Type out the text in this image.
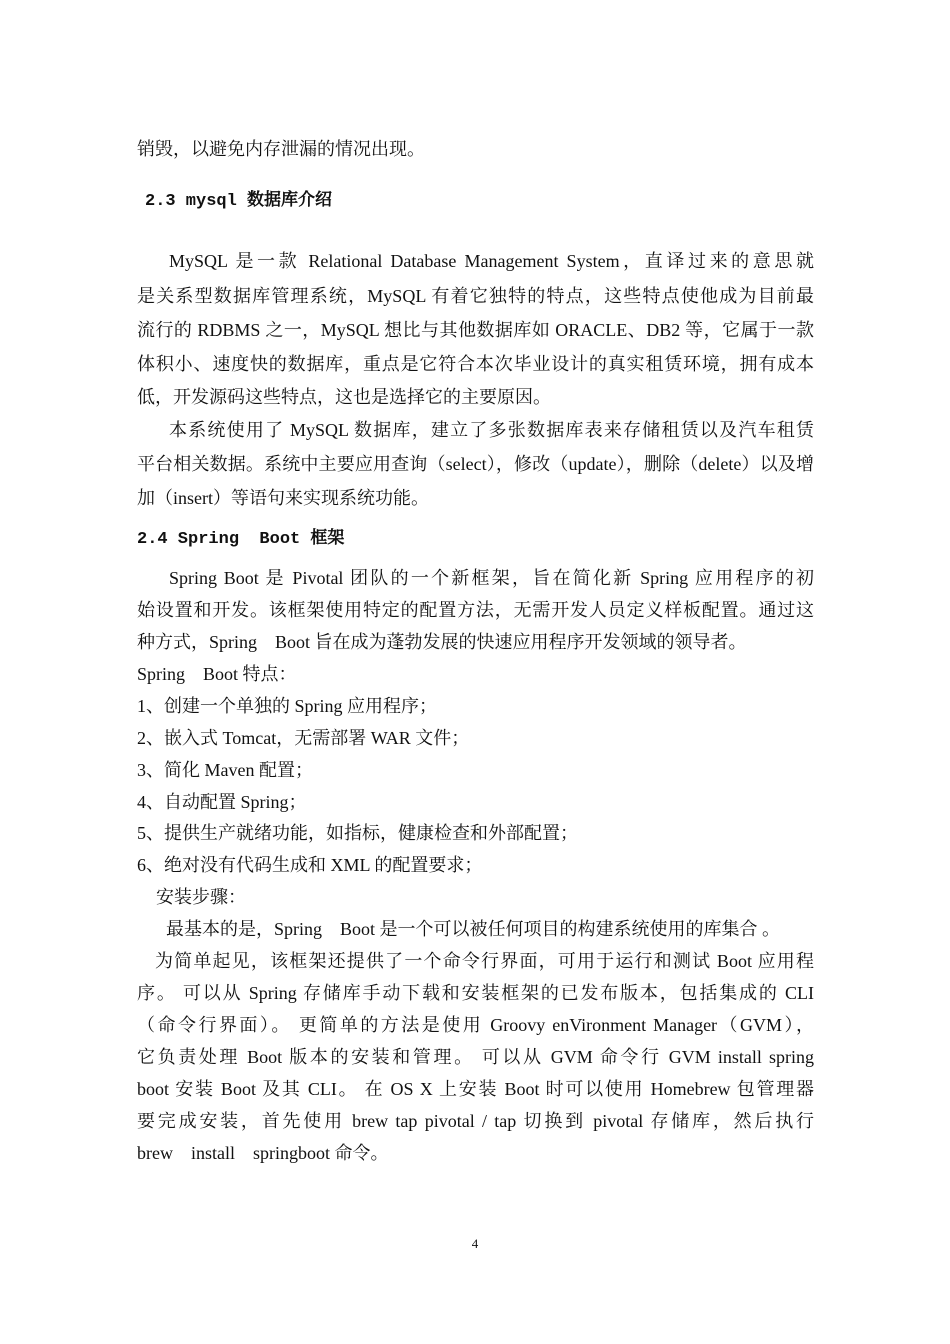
销毁，以避免内存泄漏的情况出现。
2.3 mysql 数据库介绍
MySQL 是一款 Relational Database Management System，直译过来的意思就
是关系型数据库管理系统，MySQL 有着它独特的特点，这些特点使他成为目前最
流行的 RDBMS 之一，MySQL 想比与其他数据库如 ORACLE、DB2 等，它属于一款
体积小、速度快的数据库，重点是它符合本次毕业设计的真实租赁环境，拥有成本
低，开发源码这些特点，这也是选择它的主要原因。
本系统使用了 MySQL 数据库，建立了多张数据库表来存储租赁以及汽车租赁
平台相关数据。系统中主要应用查询（select），修改（update），删除（delete）以及增
加（insert）等语句来实现系统功能。
2.4 Spring  Boot 框架
Spring Boot 是 Pivotal 团队的一个新框架，旨在简化新 Spring 应用程序的初
始设置和开发。该框架使用特定的配置方法，无需开发人员定义样板配置。通过这
种方式，Spring    Boot 旨在成为蓬勃发展的快速应用程序开发领域的领导者。
Spring    Boot 特点：
1、创建一个单独的 Spring 应用程序；
2、嵌入式 Tomcat，无需部署 WAR 文件；
3、简化 Maven 配置；
4、自动配置 Spring；
5、提供生产就绪功能，如指标，健康检查和外部配置；
6、绝对没有代码生成和 XML 的配置要求；
安装步骤：
最基本的是，Spring    Boot 是一个可以被任何项目的构建系统使用的库集合 。
为简单起见，该框架还提供了一个命令行界面，可用于运行和测试 Boot 应用程
序。 可以从 Spring 存储库手动下载和安装框架的已发布版本，包括集成的 CLI
（命令行界面）。 更简单的方法是使用 Groovy enVironment Manager（GVM），
它负责处理 Boot 版本的安装和管理。 可以从 GVM 命令行 GVM install spring
boot 安装 Boot 及其 CLI。 在 OS X 上安装 Boot 时可以使用 Homebrew 包管理器
要完成安装，首先使用 brew tap pivotal / tap 切换到 pivotal 存储库，然后执行
brew    install    springboot 命令。
4
